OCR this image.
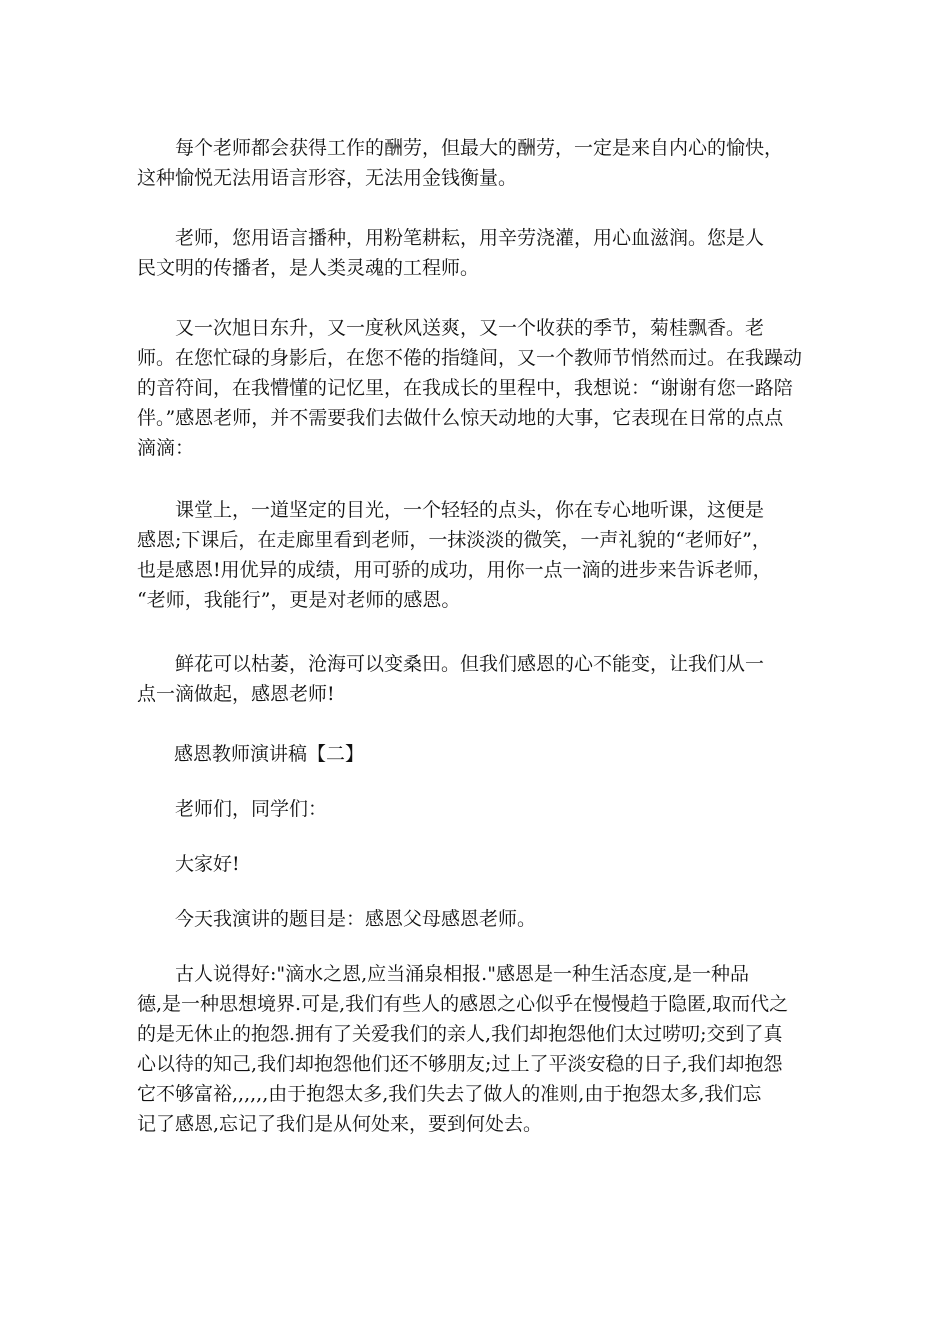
　　每个老师都会获得工作的酬劳，但最大的酬劳，一定是来自内心的愉快，
这种愉悦无法用语言形容，无法用金钱衡量。

　　老师，您用语言播种，用粉笔耕耘，用辛劳浇灌，用心血滋润。您是人
民文明的传播者，是人类灵魂的工程师。

　　又一次旭日东升，又一度秋风送爽，又一个收获的季节，菊桂飘香。老
师。在您忙碌的身影后，在您不倦的指缝间，又一个教师节悄然而过。在我躁动
的音符间，在我懵懂的记忆里，在我成长的里程中，我想说：“谢谢有您一路陪
伴。”感恩老师，并不需要我们去做什么惊天动地的大事，它表现在日常的点点
滴滴：

　　课堂上，一道坚定的目光，一个轻轻的点头，你在专心地听课，这便是
感恩;下课后，在走廊里看到老师，一抹淡淡的微笑，一声礼貌的“老师好”，
也是感恩!用优异的成绩，用可骄的成功，用你一点一滴的进步来告诉老师，
“老师，我能行”，更是对老师的感恩。

　　鲜花可以枯萎，沧海可以变桑田。但我们感恩的心不能变，让我们从一
点一滴做起，感恩老师!

感恩教师演讲稿【二】

　　老师们，同学们：

　　大家好!

　　今天我演讲的题目是：感恩父母感恩老师。

　　古人说得好:"滴水之恩,应当涌泉相报."感恩是一种生活态度,是一种品
德,是一种思想境界.可是,我们有些人的感恩之心似乎在慢慢趋于隐匿,取而代之
的是无休止的抱怨.拥有了关爱我们的亲人,我们却抱怨他们太过唠叨;交到了真
心以待的知己,我们却抱怨他们还不够朋友;过上了平淡安稳的日子,我们却抱怨
它不够富裕,,,,,,由于抱怨太多,我们失去了做人的准则,由于抱怨太多,我们忘
记了感恩,忘记了我们是从何处来，要到何处去。
